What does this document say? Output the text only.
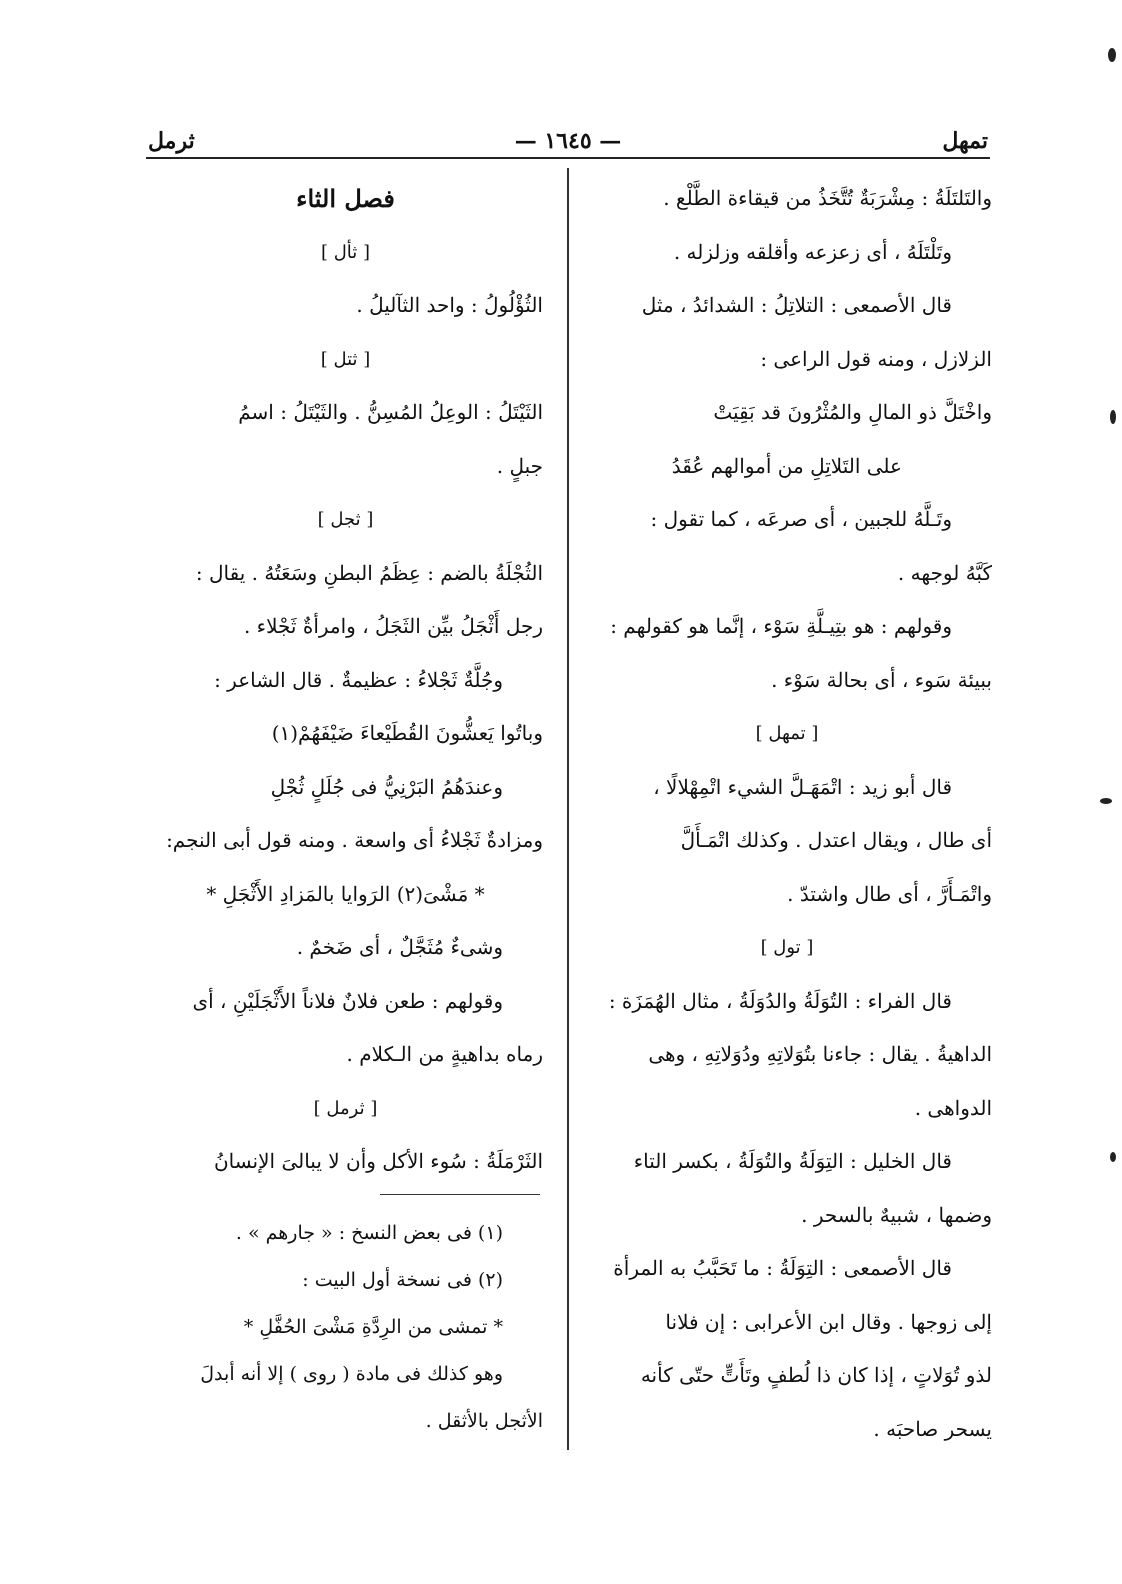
تمهل
— ١٦٤٥ —
ثرمل
والتَلتَلَةُ : مِشْرَبَةٌ تُتَّخَذُ من قيقاءة الطَّلْع .
وتَلْتَلَهُ ، أى زعزعه وأقلقه وزلزله .
قال الأصمعى : التلاتِلُ : الشدائدُ ، مثل
الزلازل ، ومنه قول الراعى :
واخْتَلَّ ذو المالِ والمُثْرُونَ قد بَقِيَتْ
على التَلاتِلِ من أموالهم عُقَدُ
وتَـلَّهُ للجبين ، أى صرعَه ، كما تقول :
كَبَّهُ لوجهه .
وقولهم : هو بتِيـلَّةِ سَوْء ، إنَّما هو كقولهم :
ببيئة سَوء ، أى بحالة سَوْء .
[ تمهل ]
قال أبو زيد : اتْمَهَـلَّ الشيء اتْمِهْلالًا ،
أى طال ، ويقال اعتدل . وكذلك اتْمَـأَلَّ
واتْمَـأَرَّ ، أى طال واشتدّ .
[ تول ]
قال الفراء : التُوَلَةُ والدُوَلَةُ ، مثال الهُمَزَة :
الداهيةُ . يقال : جاءنا بتُوَلاتِهِ ودُوَلاتِهِ ، وهى
الدواهى .
قال الخليل : التِوَلَةُ والتُوَلَةُ ، بكسر التاء
وضمها ، شبيهٌ بالسحر .
قال الأصمعى : التِوَلَةُ : ما تَحَبَّبُ به المرأة
إلى زوجها . وقال ابن الأعرابى : إن فلانا
لذو تُوَلاتٍ ، إذا كان ذا لُطفٍ وتَأَتٍّ حتّى كأنه
يسحر صاحبَه .
فصل الثاء
[ ثأل ]
الثُؤْلُولُ : واحد الثآليلُ .
[ ثتل ]
الثَيْتَلُ : الوعِلُ المُسِنُّ . والثَيْتَلُ : اسمُ
جبلٍ .
[ ثجل ]
الثُجْلَةُ بالضم : عِظَمُ البطنِ وسَعَتُهُ . يقال :
رجل أَثْجَلُ بيِّن الثَجَلُ ، وامرأةٌ ثَجْلاء .
وجُلَّةٌ ثَجْلاءُ : عظيمةٌ . قال الشاعر :
وباتُوا يَعشُّونَ القُطَيْعاءَ ضَيْفَهُمْ(١)
وعندَهُمُ البَرْنِيُّ فى جُلَلٍ ثُجْلِ
ومزادةٌ ثَجْلاءُ أى واسعة . ومنه قول أبى النجم:
* مَشْىَ(٢) الرَوايا بالمَزادِ الأَثْجَلِ *
وشىءٌ مُثَجَّلٌ ، أى ضَخمٌ .
وقولهم : طعن فلانٌ فلاناً الأَثْجَلَيْنِ ، أى
رماه بداهيةٍ من الـكلام .
[ ثرمل ]
الثَرْمَلَةُ : سُوء الأكل وأن لا يبالىَ الإنسانُ
(١) فى بعض النسخ : « جارهم » .
(٢) فى نسخة أول البيت :
* تمشى من الرِدَّةِ مَشْىَ الحُفَّلِ *
وهو كذلك فى مادة ( روى ) إلا أنه أبدلَ
الأثجل بالأثقل .
